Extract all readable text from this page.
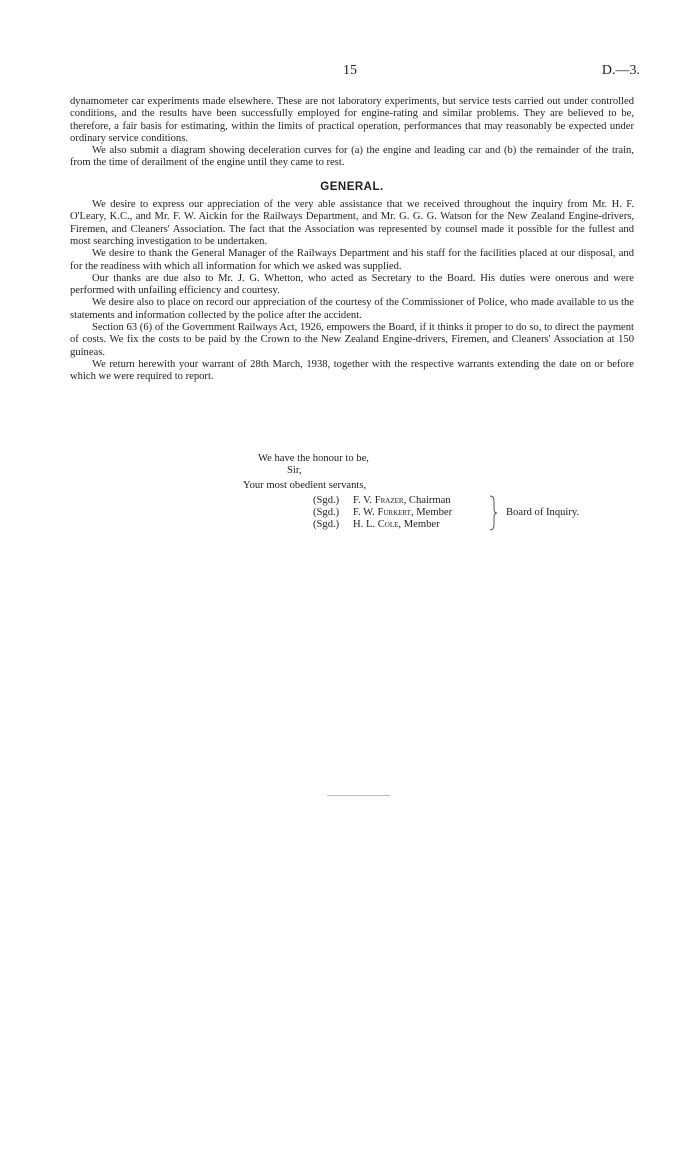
15	D.—3.

dynamometer car experiments made elsewhere. These are not laboratory experiments, but service tests carried out under controlled conditions, and the results have been successfully employed for engine-rating and similar problems. They are believed to be, therefore, a fair basis for estimating, within the limits of practical operation, performances that may reasonably be expected under ordinary service conditions.

We also submit a diagram showing deceleration curves for (a) the engine and leading car and (b) the remainder of the train, from the time of derailment of the engine until they came to rest.

GENERAL.

We desire to express our appreciation of the very able assistance that we received throughout the inquiry from Mr. H. F. O'Leary, K.C., and Mr. F. W. Aickin for the Railways Department, and Mr. G. G. G. Watson for the New Zealand Engine-drivers, Firemen, and Cleaners' Association. The fact that the Association was represented by counsel made it possible for the fullest and most searching investigation to be undertaken.

We desire to thank the General Manager of the Railways Department and his staff for the facilities placed at our disposal, and for the readiness with which all information for which we asked was supplied.

Our thanks are due also to Mr. J. G. Whetton, who acted as Secretary to the Board. His duties were onerous and were performed with unfailing efficiency and courtesy.

We desire also to place on record our appreciation of the courtesy of the Commissioner of Police, who made available to us the statements and information collected by the police after the accident.

Section 63 (6) of the Government Railways Act, 1926, empowers the Board, if it thinks it proper to do so, to direct the payment of costs. We fix the costs to be paid by the Crown to the New Zealand Engine-drivers, Firemen, and Cleaners' Association at 150 guineas.

We return herewith your warrant of 28th March, 1938, together with the respective warrants extending the date on or before which we were required to report.

We have the honour to be,
Sir,
Your most obedient servants,
(Sgd.) F. V. Frazer, Chairman
(Sgd.) F. W. Furkert, Member
(Sgd.) H. L. Cole, Member
Board of Inquiry.
